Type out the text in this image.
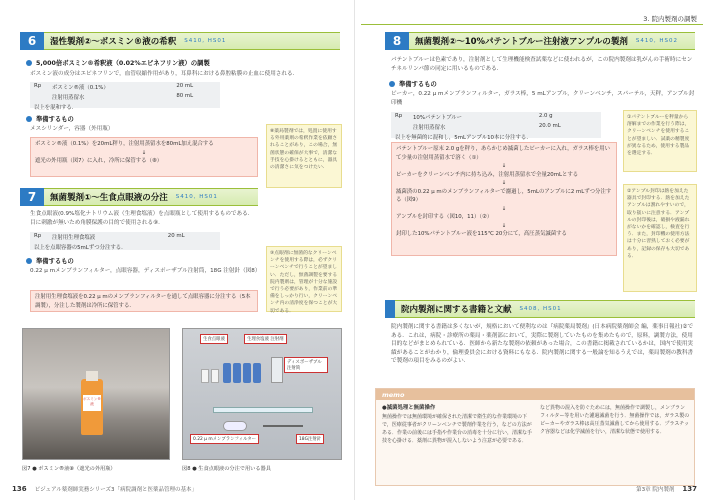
6	湿性製剤②～ボスミン®液の希釈 S410, HS01
5,000倍ボスミン®希釈液（0.02%エピネフリン液）の調製
ボスミン液の成分はエピネフリンで，血管収縮作用があり，耳鼻科における鼻腔粘膜の止血に使用される.
Rp	ボスミン®液（0.1%）	20 mL
	注射用蒸留水	80 mL
以上を混和する.		
準備するもの
メスシリンダー，容器（外用瓶）
ボスミン®液（0.1%）を20mL秤り，注射用蒸留水を80mL加え混合する
↓
遮光の外用瓶（図7）に入れ，冷所に保管する（⑧）
⑧薬局製剤では，処置に使用する外用薬剤の希釈作業を依頼されることがあり，この場合，無菌状態の確保が大事で，清潔な手技を心掛けるとともに，器具の清潔さに気をつけたい.
7	無菌製剤①～生食点眼液の分注 S410, HS01
生食点眼液(0.9%塩化ナトリウム液（生理食塩液）を点眼瓶として使用するものである．目に刺激が無いため角膜保護の目的で使用される⑨.
Rp	注射用生理食塩液	20 mL
以上を点眼容器の5mLずつ分注する.
準備するもの
0.22 μ mメンブランフィルター，点眼容器，ディスポーザブル注射筒，18G 注射針（図8）
注射用生理食塩液を0.22 μ mのメンブランフィルターを通して点眼容器に分注する（5本調製），分注した製剤は冷所に保管する．
⑨点眼剤に無菌的なクリーンベンチを使用する際は，必ずクリーンベンチで行うことが望ましい．ただし，無菌調製を要する院内製剤は，管理が十分な施設で行う必要があり，作業前の準備をしっかり行い，クリーンベンチ内の清浄度を保つことが大切である．
ボスミン®液
生食点眼液	生理食塩液 注射剤
ディスポーザブル 注射筒
0.22 μ mメンブランフィルター	18G注射針
図7 ● ボスミン®液⑧（遮光の外用瓶）	図8 ● 生食点眼液の分注で用いる器具
136 ビジュアル薬剤師実務シリーズ3「病院調剤と医薬品管理の基本」
3. 院内製剤の調製
8	無菌製剤②～10%パテントブルー注射液アンプルの製剤 S410, HS02
パテントブルーは色素であり，注射剤として生理機能検査試薬などに使われるが，この院内製剤は乳がんの手術時にセンチネルリンパ節の同定に用いるものである．
準備するもの
ビーカー，0.22 μ mメンブランフィルター，ガラス棒，5 mLアンプル，クリーンベンチ，スパーテル，天秤，アンプル封印機
Rp	10%パテントブルー	2.0 g
	注射用蒸留水	20.0 mL
以上を無菌的に混和し，5mLアンプル10本に分注する．		
パテントブルー原末 2.0 gを秤り，あらかじめ滅菌したビーカーに入れ，ガラス棒を用いて少量の注射用蒸留水で溶く（①）
↓
ビーカーをクリーンベンチ内に持ち込み，注射用蒸留水で全量20mLとする
↓
滅菌済の0.22 μ mのメンブランフィルターで濾過し，5mLのアンプルに2 mLずつ分注する（図9）
↓
アンプルを封印する（図10，11）（②）
↓
封印した10%パテントブルー液を115℃ 20分にて，高圧蒸気滅菌する
①パテントブルーを秤量から溶解までの作業を行う際は，クリーンベンチを使用することが望ましい．試薬の精製度が異なるため，使用する製品を選定する．
②アンプル封印は熱を加えた器具で封印する．熱を加えたアンプルは割れやすいので，取り扱いに注意する．アンプルの封印後は，破損や液漏れがないかを確認し，検査を行う．また，封印機の使用方法は十分に習熟しておく必要があり，記録の保存も大切である．
院内製剤に関する書籍と文献 S408, HS01
院内製剤に関する書籍は多くないが，規格において便利なのは『病院薬局製剤』(日本病院薬剤師会 編，薬事日報社)②である．これは，病院・診療所の薬局・薬剤部において，実際に製剤していたものを集めたもので，原料，調製方法，使用目的などがまとめられている．医師から新たな製剤の依頼があった場合，この書籍に掲載されているかは，国内で使用実績があることがわかり，倫理委員会における資料にもなる．院内製剤に関する一般論を知るうえでは，薬局製剤の教科書で製剤の項目をみるのがよい．
memo
●滅菌処理と無菌操作
無菌操作では無菌環境が確保された清潔で衛生的な作業環境の下で，医療従事者がクリーンベンチで製剤作業を行う，などの方法がある．作業の前後には手指や作業台の消毒を十分に行い，清潔な手技を心掛ける．薬剤に異物が混入しないよう注意が必要である．
など異物の混入を防ぐためには，無菌操作で調製し，メンブランフィルター等を用いた濾過滅菌を行う．無菌操作では，ガラス製のビーカーやガラス棒は高圧蒸気滅菌してから使用する．プラスチック容器などは化学滅菌を行い，清潔な状態で使用する．
第3章 院内製剤 137
